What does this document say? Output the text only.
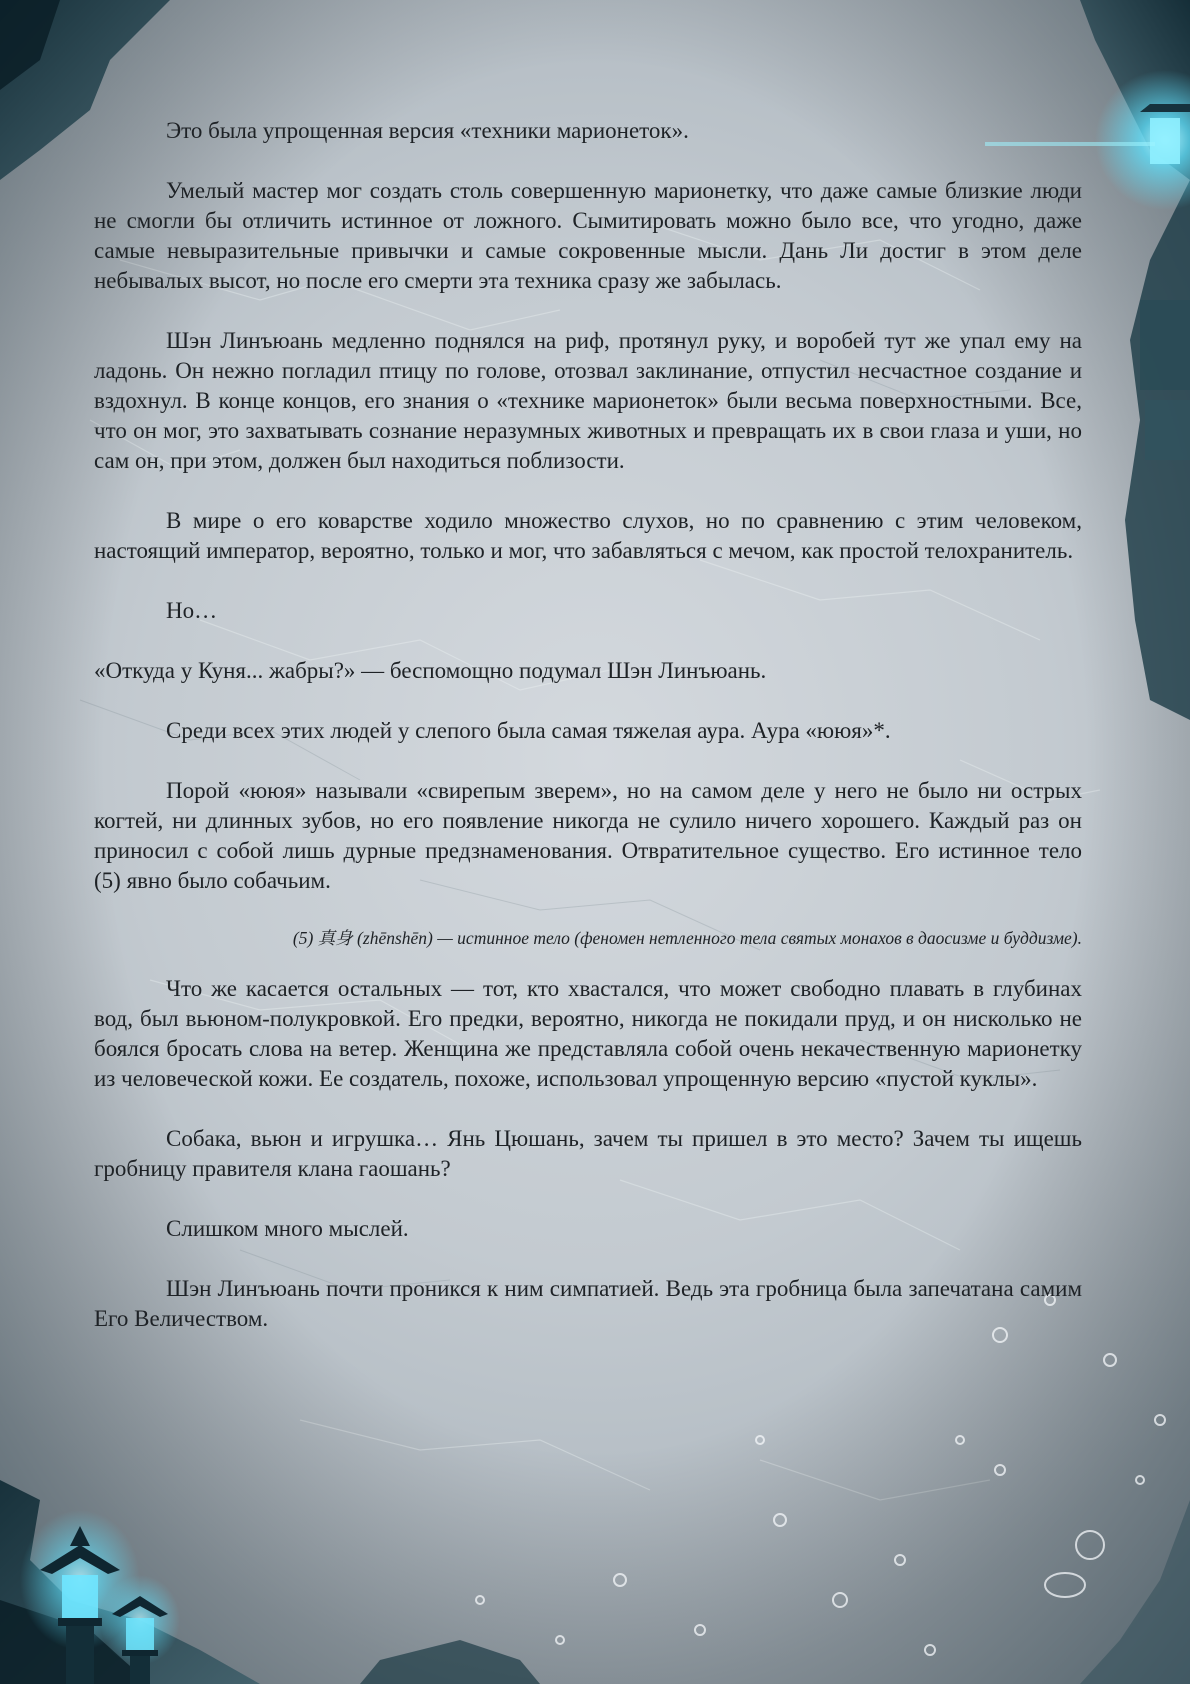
Это была упрощенная версия «техники марионеток».

Умелый мастер мог создать столь совершенную марионетку, что даже самые близкие люди не смогли бы отличить истинное от ложного. Сымитировать можно было все, что угодно, даже самые невыразительные привычки и самые сокровенные мысли. Дань Ли достиг в этом деле небывалых высот, но после его смерти эта техника сразу же забылась.

Шэн Линъюань медленно поднялся на риф, протянул руку, и воробей тут же упал ему на ладонь. Он нежно погладил птицу по голове, отозвал заклинание, отпустил несчастное создание и вздохнул. В конце концов, его знания о «технике марионеток» были весьма поверхностными. Все, что он мог, это захватывать сознание неразумных животных и превращать их в свои глаза и уши, но сам он, при этом, должен был находиться поблизости.

В мире о его коварстве ходило множество слухов, но по сравнению с этим человеком, настоящий император, вероятно, только и мог, что забавляться с мечом, как простой телохранитель.

Но…

«Откуда у Куня... жабры?» — беспомощно подумал Шэн Линъюань.

Среди всех этих людей у слепого была самая тяжелая аура. Аура «ююя»*.

Порой «ююя» называли «свирепым зверем», но на самом деле у него не было ни острых когтей, ни длинных зубов, но его появление никогда не сулило ничего хорошего. Каждый раз он приносил с собой лишь дурные предзнаменования. Отвратительное существо. Его истинное тело (5) явно было собачьим.

(5) 真身 (zhēnshēn) — истинное тело (феномен нетленного тела святых монахов в даосизме и буддизме).

Что же касается остальных — тот, кто хвастался, что может свободно плавать в глубинах вод, был вьюном-полукровкой. Его предки, вероятно, никогда не покидали пруд, и он нисколько не боялся бросать слова на ветер. Женщина же представляла собой очень некачественную марионетку из человеческой кожи. Ее создатель, похоже, использовал упрощенную версию «пустой куклы».

Собака, вьюн и игрушка… Янь Цюшань, зачем ты пришел в это место? Зачем ты ищешь гробницу правителя клана гаошань?

Слишком много мыслей.

Шэн Линъюань почти проникся к ним симпатией. Ведь эта гробница была запечатана самим Его Величеством.
